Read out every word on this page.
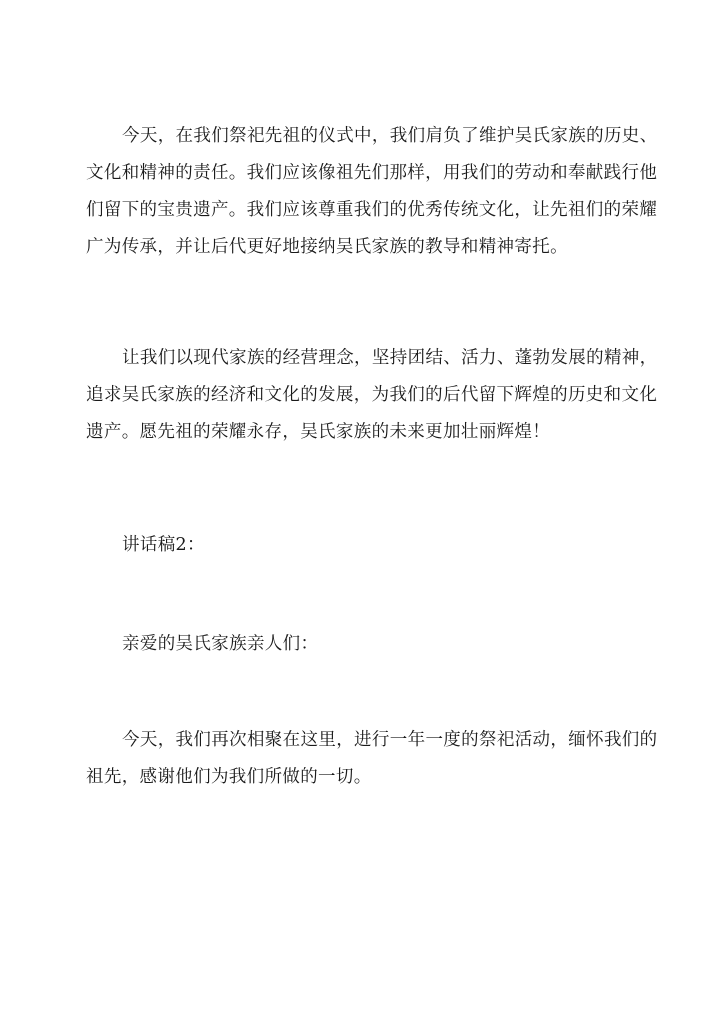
今天，在我们祭祀先祖的仪式中，我们肩负了维护吴氏家族的历史、
文化和精神的责任。我们应该像祖先们那样，用我们的劳动和奉献践行他
们留下的宝贵遗产。我们应该尊重我们的优秀传统文化，让先祖们的荣耀
广为传承，并让后代更好地接纳吴氏家族的教导和精神寄托。

让我们以现代家族的经营理念，坚持团结、活力、蓬勃发展的精神，
追求吴氏家族的经济和文化的发展，为我们的后代留下辉煌的历史和文化
遗产。愿先祖的荣耀永存，吴氏家族的未来更加壮丽辉煌！

讲话稿2：

亲爱的吴氏家族亲人们：

今天，我们再次相聚在这里，进行一年一度的祭祀活动，缅怀我们的
祖先，感谢他们为我们所做的一切。
